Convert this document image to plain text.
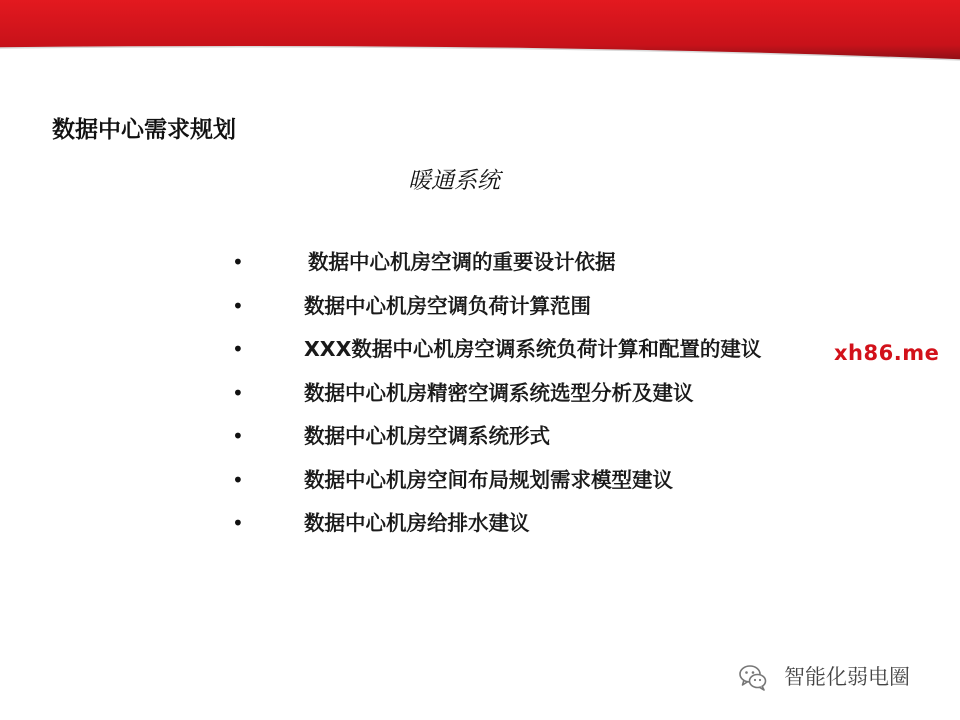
数据中心需求规划
暖通系统
•	数据中心机房空调的重要设计依据
•	数据中心机房空调负荷计算范围
•	XXX数据中心机房空调系统负荷计算和配置的建议
•	数据中心机房精密空调系统选型分析及建议
•	数据中心机房空调系统形式
•	数据中心机房空间布局规划需求模型建议
•	数据中心机房给排水建议
xh86.me
智能化弱电圈
